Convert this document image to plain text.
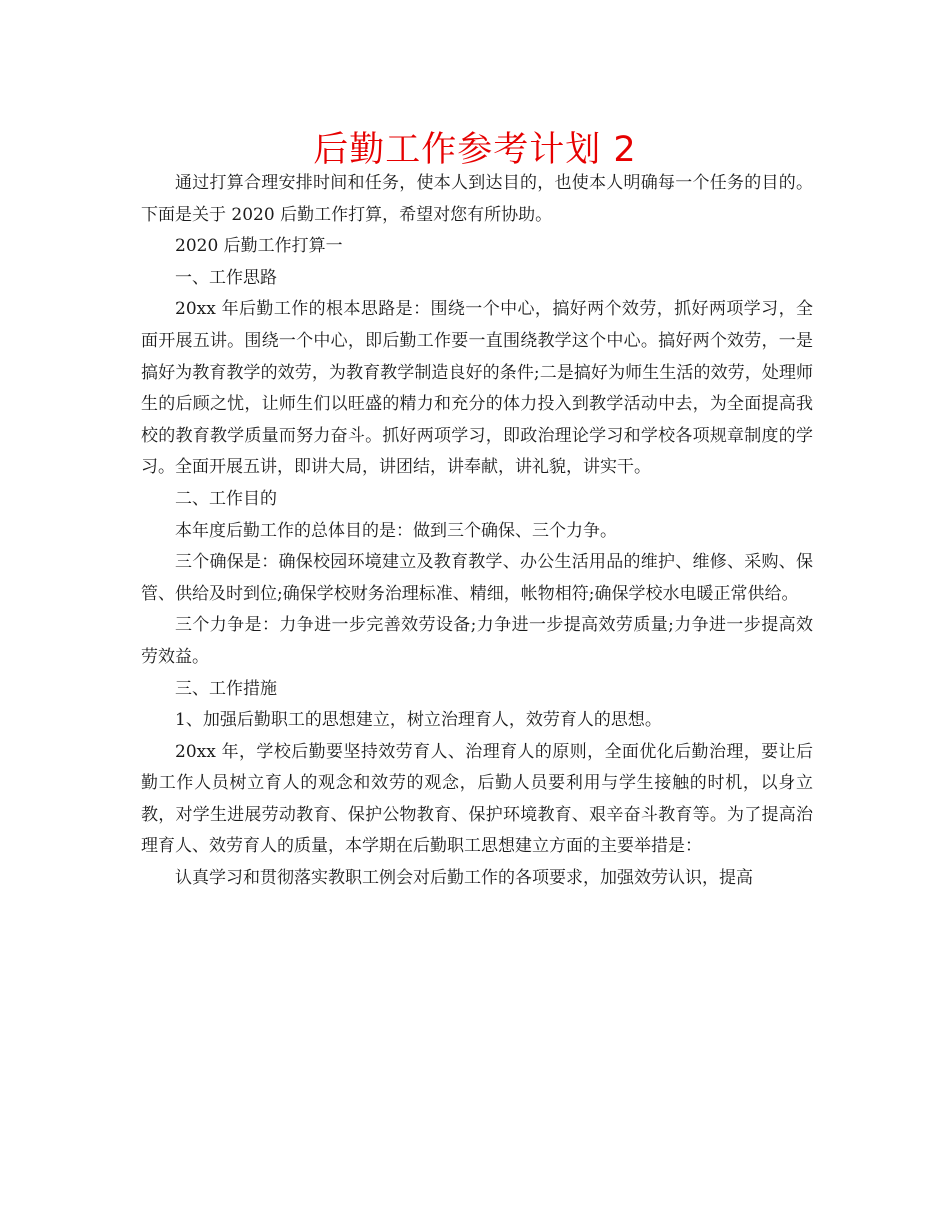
后勤工作参考计划 2

通过打算合理安排时间和任务，使本人到达目的，也使本人明确每一个任务的目的。下面是关于 2020 后勤工作打算，希望对您有所协助。

2020 后勤工作打算一

一、工作思路

20xx 年后勤工作的根本思路是：围绕一个中心，搞好两个效劳，抓好两项学习，全面开展五讲。围绕一个中心，即后勤工作要一直围绕教学这个中心。搞好两个效劳，一是搞好为教育教学的效劳，为教育教学制造良好的条件;二是搞好为师生生活的效劳，处理师生的后顾之忧，让师生们以旺盛的精力和充分的体力投入到教学活动中去，为全面提高我校的教育教学质量而努力奋斗。抓好两项学习，即政治理论学习和学校各项规章制度的学习。全面开展五讲，即讲大局，讲团结，讲奉献，讲礼貌，讲实干。

二、工作目的

本年度后勤工作的总体目的是：做到三个确保、三个力争。

三个确保是：确保校园环境建立及教育教学、办公生活用品的维护、维修、采购、保管、供给及时到位;确保学校财务治理标准、精细，帐物相符;确保学校水电暖正常供给。

三个力争是：力争进一步完善效劳设备;力争进一步提高效劳质量;力争进一步提高效劳效益。

三、工作措施

1、加强后勤职工的思想建立，树立治理育人，效劳育人的思想。

20xx 年，学校后勤要坚持效劳育人、治理育人的原则，全面优化后勤治理，要让后勤工作人员树立育人的观念和效劳的观念，后勤人员要利用与学生接触的时机，以身立教，对学生进展劳动教育、保护公物教育、保护环境教育、艰辛奋斗教育等。为了提高治理育人、效劳育人的质量，本学期在后勤职工思想建立方面的主要举措是：

认真学习和贯彻落实教职工例会对后勤工作的各项要求，加强效劳认识，提高
